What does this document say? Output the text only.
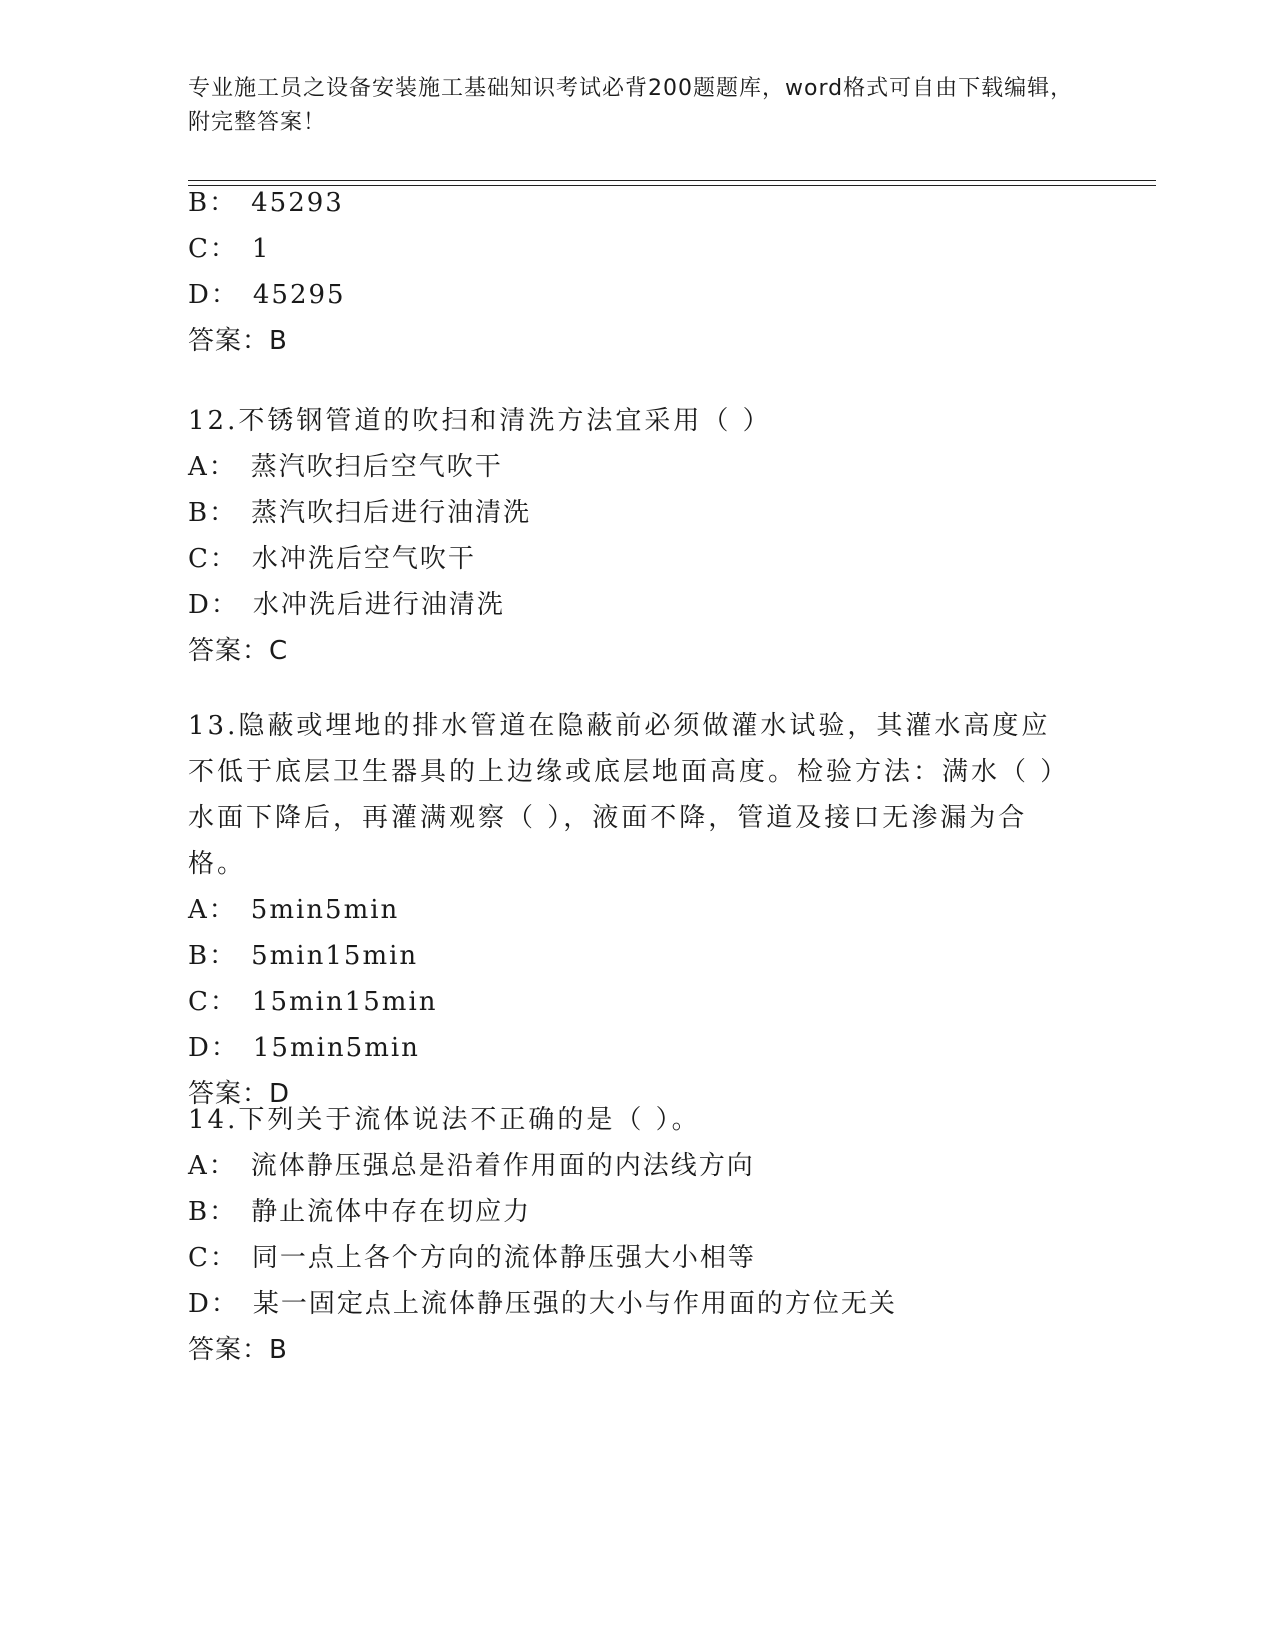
专业施工员之设备安装施工基础知识考试必背200题题库，word格式可自由下载编辑，附完整答案！
B： 45293
C： 1
D： 45295
答案：B
12.不锈钢管道的吹扫和清洗方法宜采用（ ）
A： 蒸汽吹扫后空气吹干
B： 蒸汽吹扫后进行油清洗
C： 水冲洗后空气吹干
D： 水冲洗后进行油清洗
答案：C
13.隐蔽或埋地的排水管道在隐蔽前必须做灌水试验，其灌水高度应不低于底层卫生器具的上边缘或底层地面高度。检验方法：满水（ ）水面下降后，再灌满观察（ ），液面不降，管道及接口无渗漏为合格。
A： 5min5min
B： 5min15min
C： 15min15min
D： 15min5min
答案：D
14.下列关于流体说法不正确的是（ ）。
A： 流体静压强总是沿着作用面的内法线方向
B： 静止流体中存在切应力
C： 同一点上各个方向的流体静压强大小相等
D： 某一固定点上流体静压强的大小与作用面的方位无关
答案：B
